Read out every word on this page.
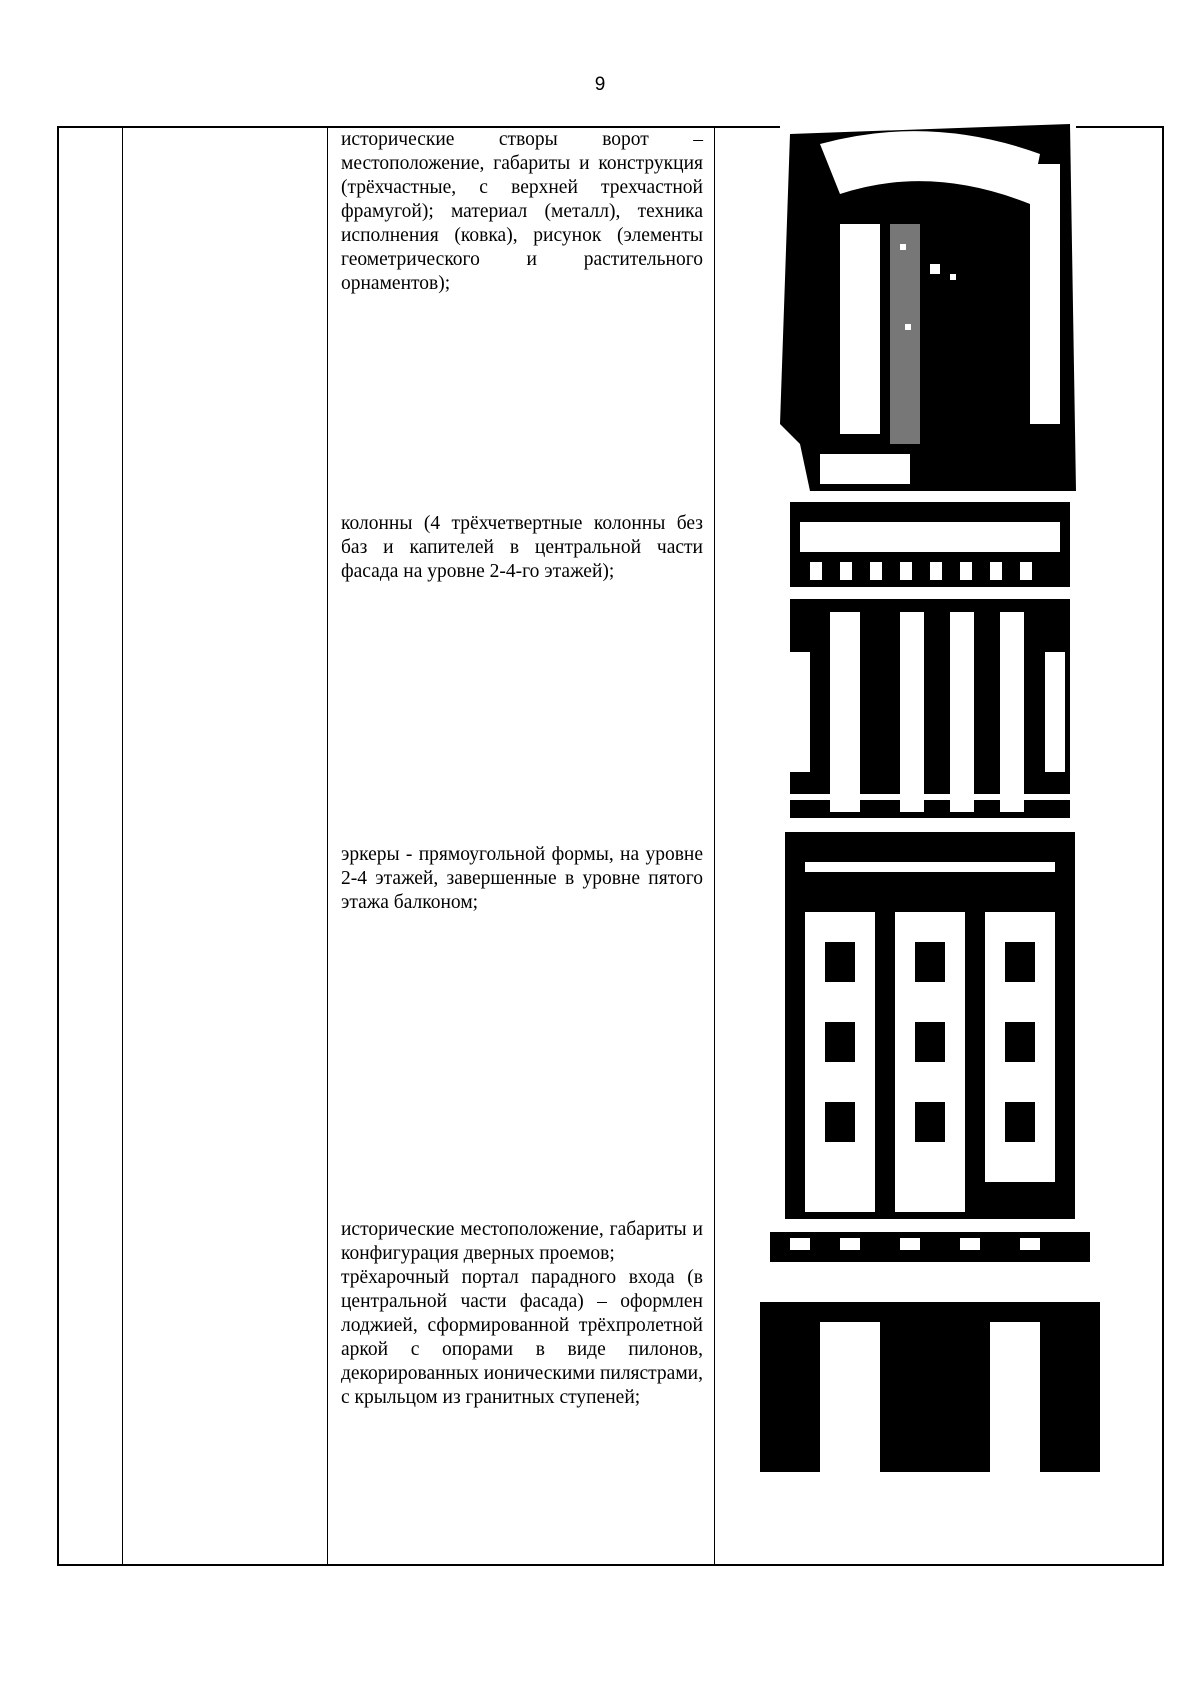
9

исторические створы ворот – местоположение, габариты и конструкция (трёхчастные, с верхней трехчастной фрамугой); материал (металл), техника исполнения (ковка), рисунок (элементы геометрического и растительного орнаментов);

колонны (4 трёхчетвертные колонны без баз и капителей в центральной части фасада на уровне 2-4-го этажей);

эркеры - прямоугольной формы, на уровне 2-4 этажей, завершенные в уровне пятого этажа балконом;

исторические местоположение, габариты и конфигурация дверных проемов;

трёхарочный портал парадного входа (в центральной части фасада) – оформлен лоджией, сформированной трёхпролетной аркой с опорами в виде пилонов, декорированных ионическими пилястрами, с крыльцом из гранитных ступеней;
